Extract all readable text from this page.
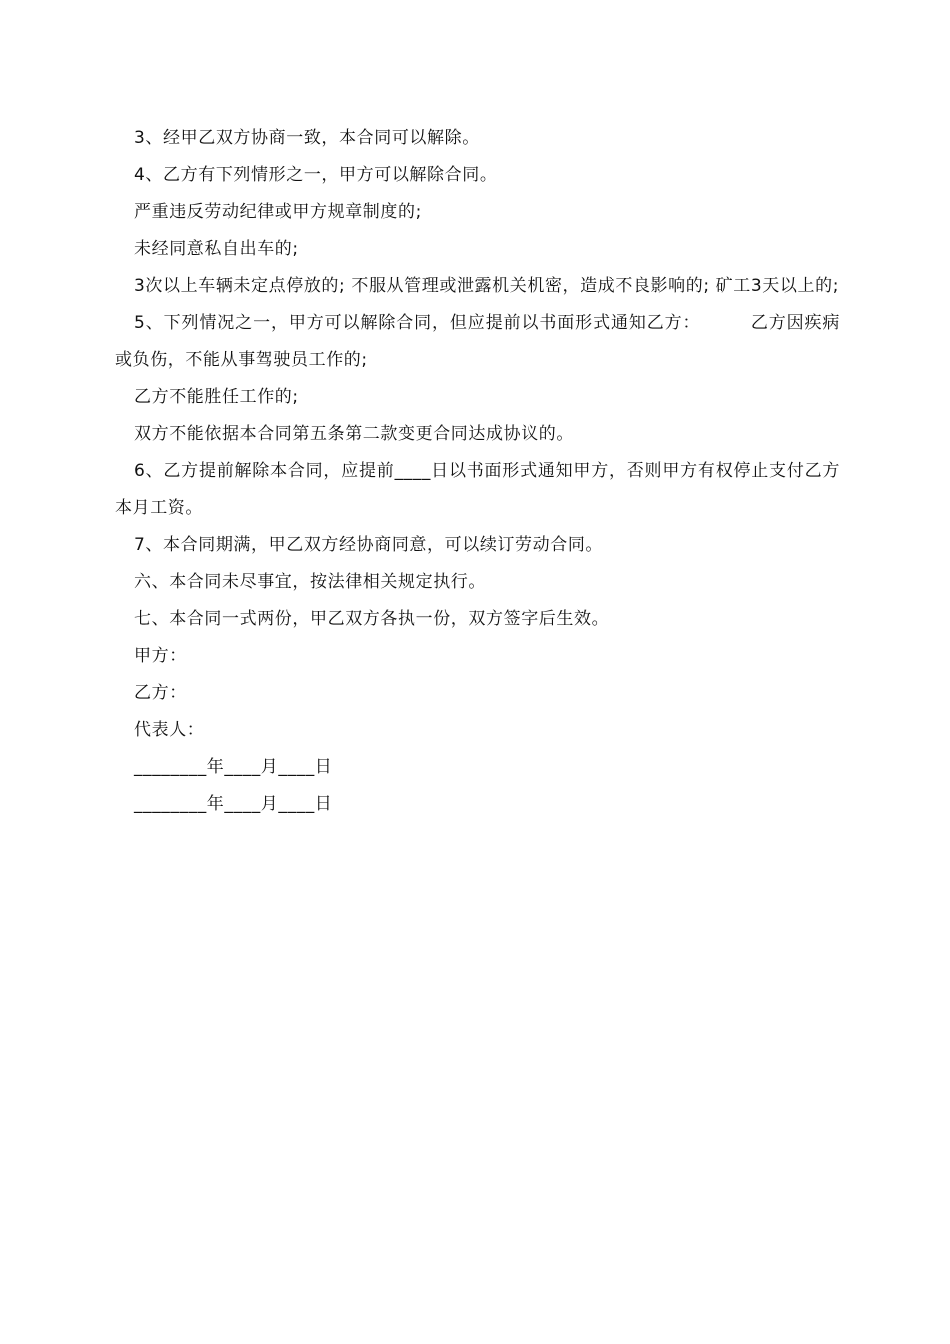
3、经甲乙双方协商一致，本合同可以解除。

4、乙方有下列情形之一，甲方可以解除合同。

严重违反劳动纪律或甲方规章制度的;

未经同意私自出车的;

3次以上车辆未定点停放的; 不服从管理或泄露机关机密，造成不良影响的; 矿工3天以上的;

5、下列情况之一，甲方可以解除合同，但应提前以书面形式通知乙方：        乙方因疾病或负伤，不能从事驾驶员工作的;

乙方不能胜任工作的;

双方不能依据本合同第五条第二款变更合同达成协议的。

6、乙方提前解除本合同，应提前____日以书面形式通知甲方，否则甲方有权停止支付乙方本月工资。

7、本合同期满，甲乙双方经协商同意，可以续订劳动合同。

六、本合同未尽事宜，按法律相关规定执行。

七、本合同一式两份，甲乙双方各执一份，双方签字后生效。

甲方：

乙方：

代表人：

________年____月____日

________年____月____日
